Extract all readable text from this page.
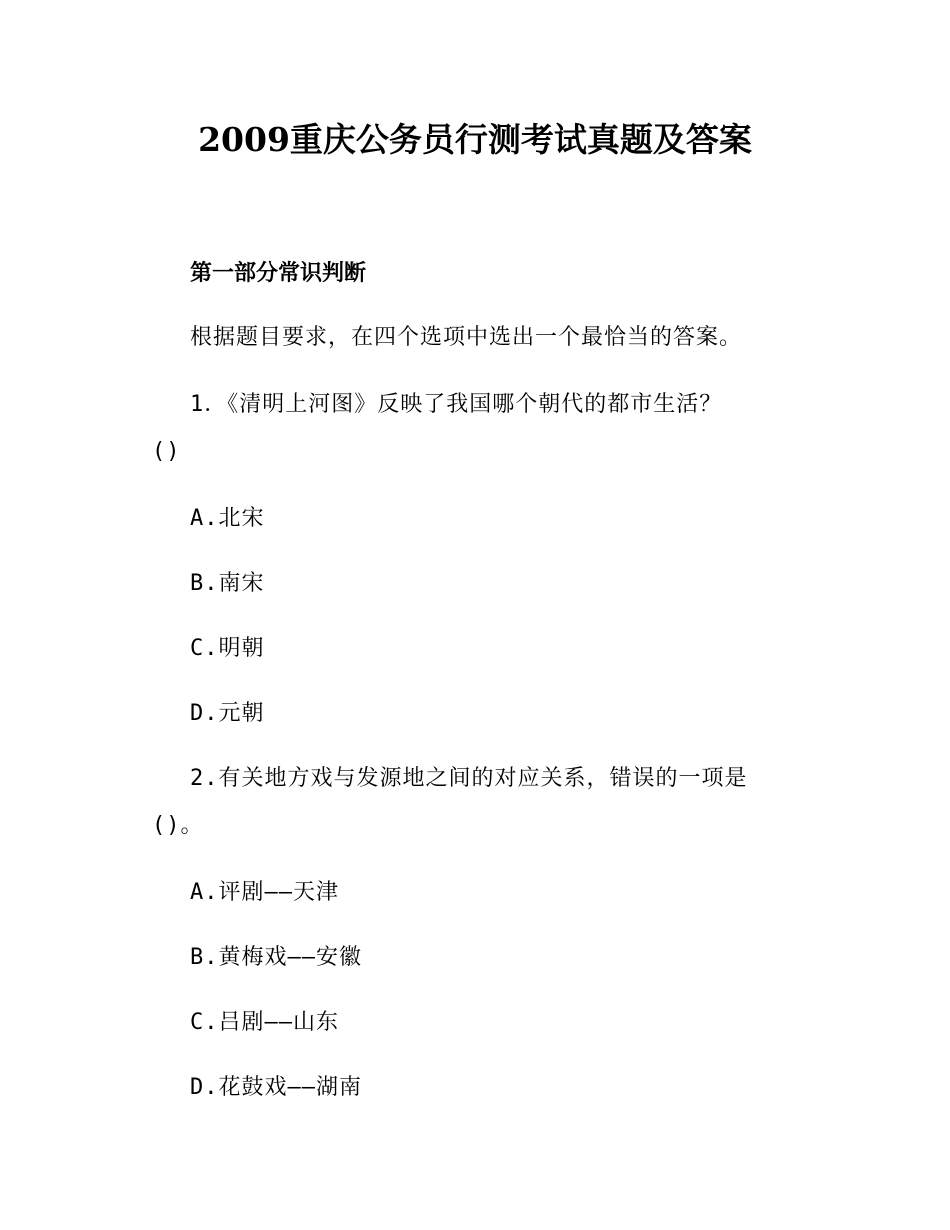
2009重庆公务员行测考试真题及答案
第一部分常识判断
根据题目要求，在四个选项中选出一个最恰当的答案。
1．《清明上河图》反映了我国哪个朝代的都市生活？
()
A.北宋
B.南宋
C.明朝
D.元朝
2.有关地方戏与发源地之间的对应关系，错误的一项是
()。
A.评剧——天津
B.黄梅戏——安徽
C.吕剧——山东
D.花鼓戏——湖南
